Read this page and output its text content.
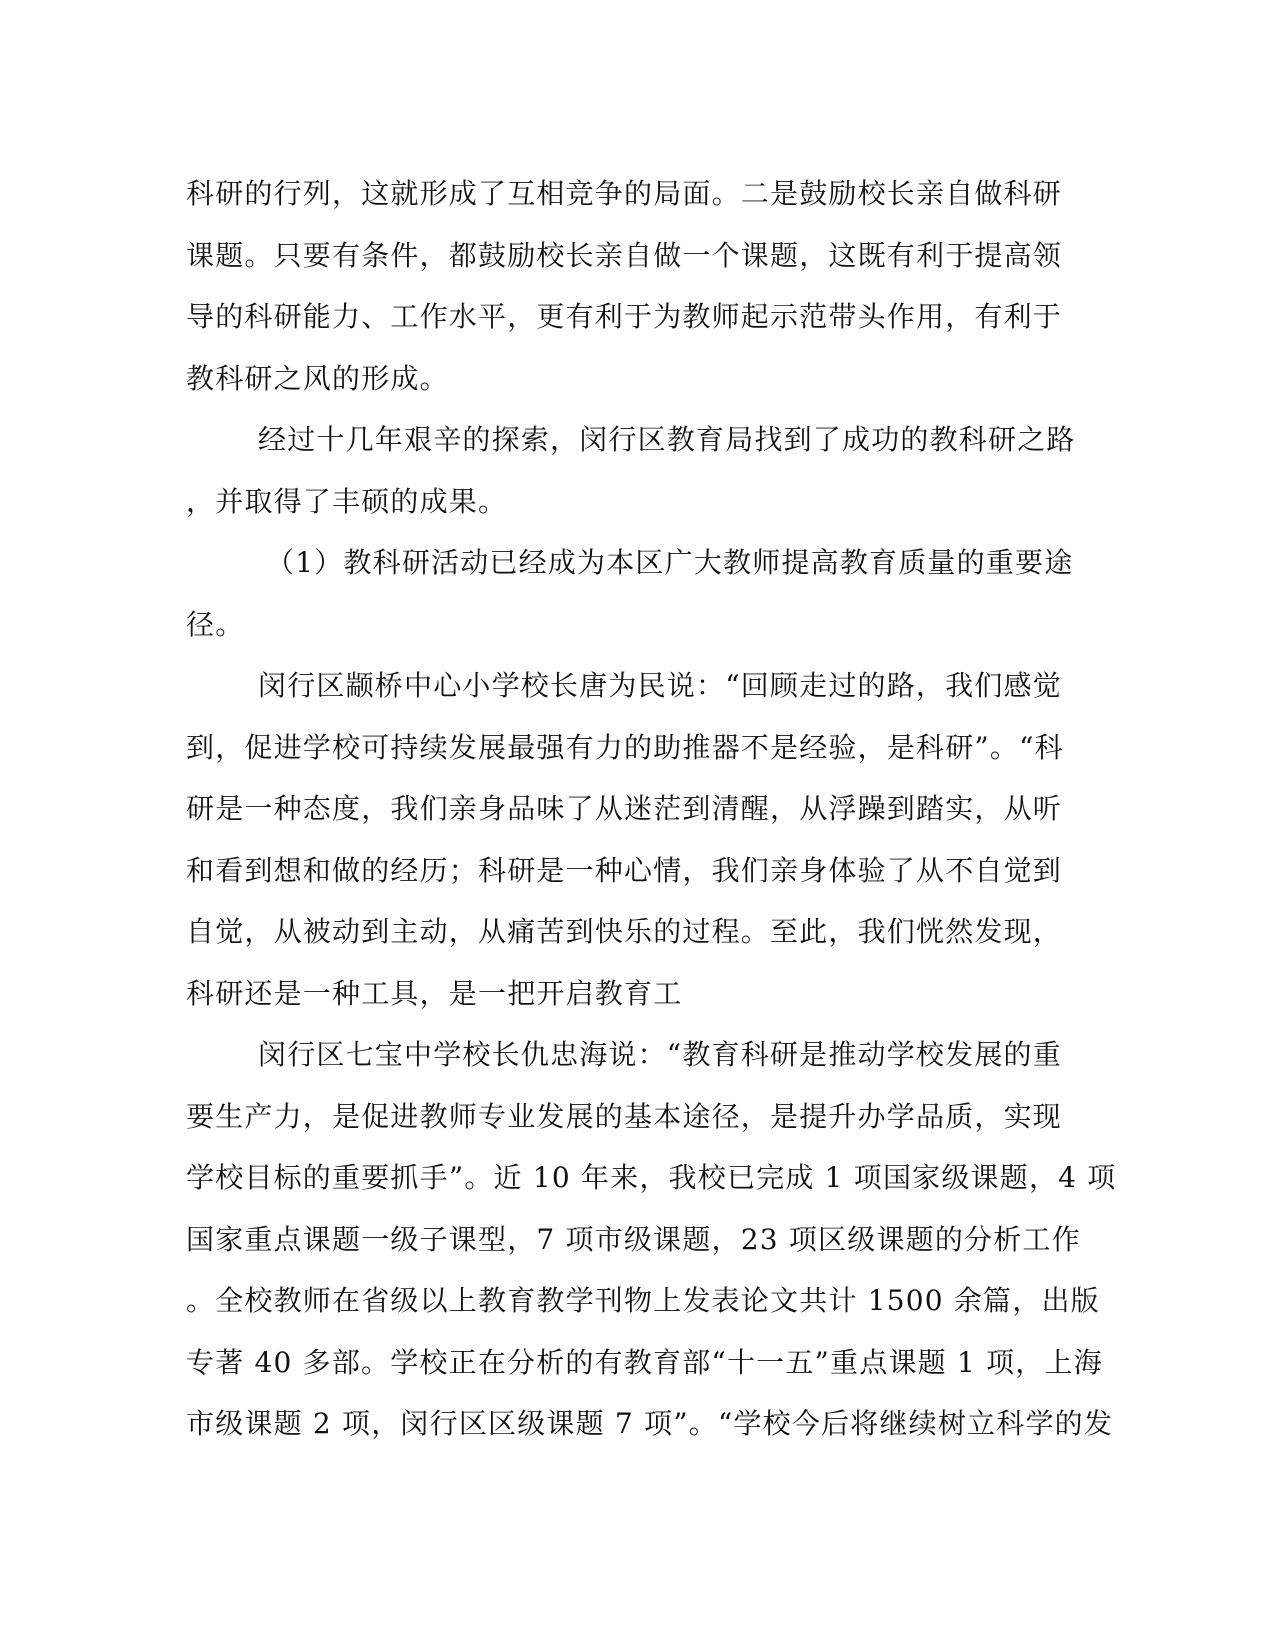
科研的行列，这就形成了互相竞争的局面。二是鼓励校长亲自做科研
课题。只要有条件，都鼓励校长亲自做一个课题，这既有利于提高领
导的科研能力、工作水平，更有利于为教师起示范带头作用，有利于
教科研之风的形成。
经过十几年艰辛的探索，闵行区教育局找到了成功的教科研之路
，并取得了丰硕的成果。
（1）教科研活动已经成为本区广大教师提高教育质量的重要途
径。
闵行区颛桥中心小学校长唐为民说：“回顾走过的路，我们感觉
到，促进学校可持续发展最强有力的助推器不是经验，是科研”。“科
研是一种态度，我们亲身品味了从迷茫到清醒，从浮躁到踏实，从听
和看到想和做的经历；科研是一种心情，我们亲身体验了从不自觉到
自觉，从被动到主动，从痛苦到快乐的过程。至此，我们恍然发现，
科研还是一种工具，是一把开启教育工
闵行区七宝中学校长仇忠海说：“教育科研是推动学校发展的重
要生产力，是促进教师专业发展的基本途径，是提升办学品质，实现
学校目标的重要抓手”。近 10 年来，我校已完成 1 项国家级课题，4 项
国家重点课题一级子课型，7 项市级课题，23 项区级课题的分析工作
。全校教师在省级以上教育教学刊物上发表论文共计 1500 余篇，出版
专著 40 多部。学校正在分析的有教育部“十一五”重点课题 1 项，上海
市级课题 2 项，闵行区区级课题 7 项”。“学校今后将继续树立科学的发
